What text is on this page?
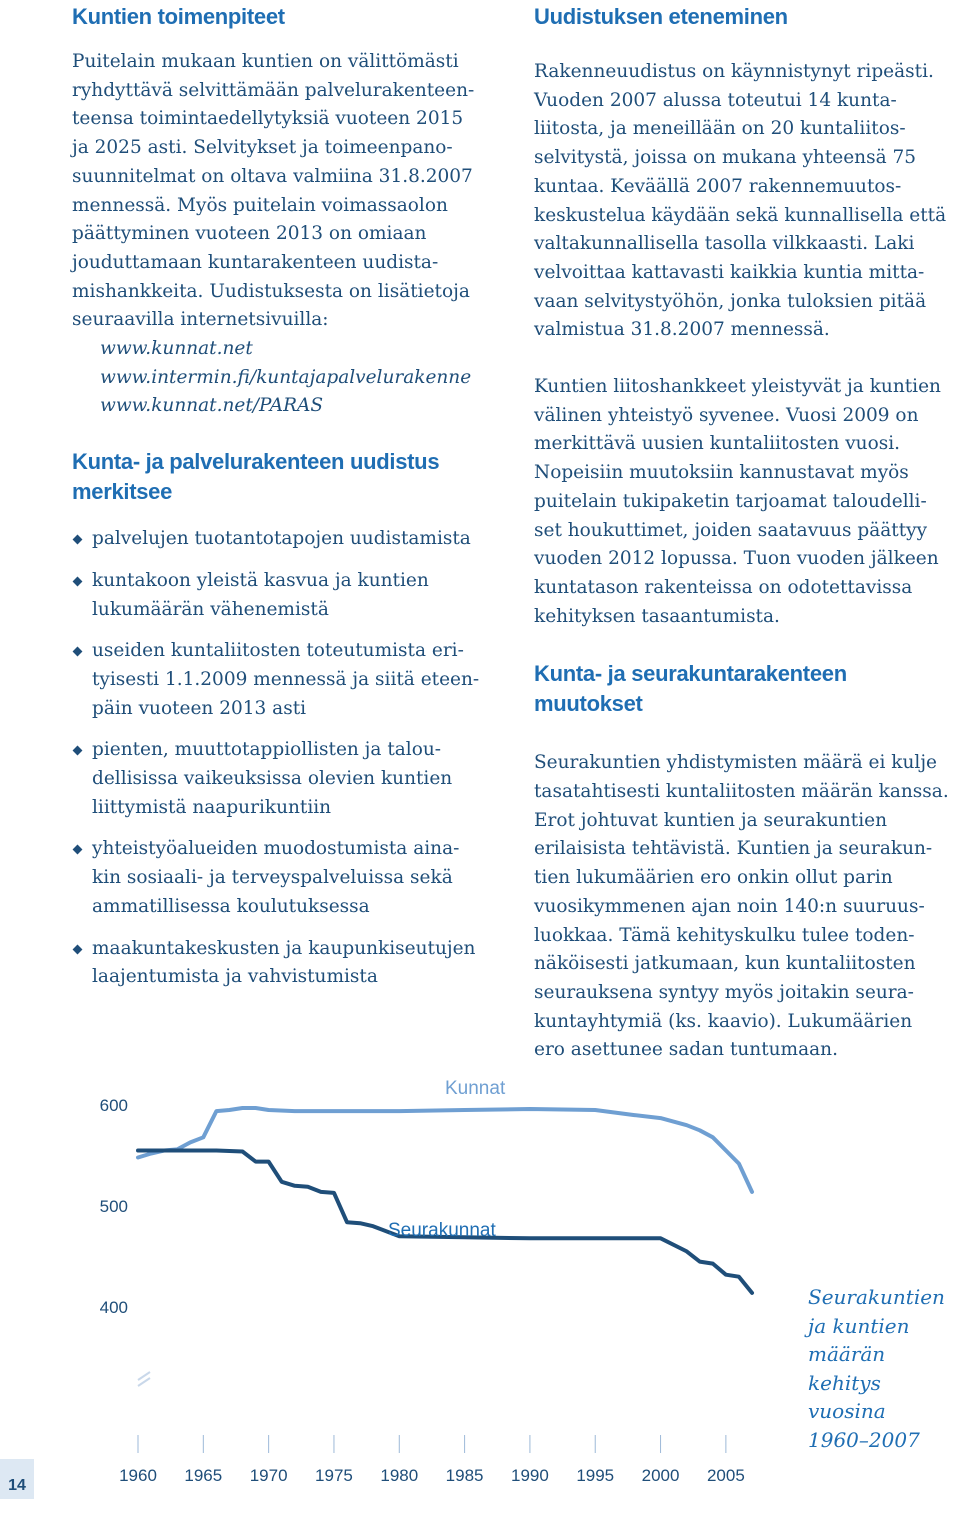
Kuntien toimenpiteet

Puitelain mukaan kuntien on välittömästi
ryhdyttävä selvittämään palvelurakenteen-
teensa toimintaedellytyksiä vuoteen 2015
ja 2025 asti. Selvitykset ja toimeenpano-
suunnitelmat on oltava valmiina 31.8.2007
mennessä. Myös puitelain voimassaolon
päättyminen vuoteen 2013 on omiaan
jouduttamaan kuntarakenteen uudista-
mishankkeita. Uudistuksesta on lisätietoja
seuraavilla internetsivuilla:

www.kunnat.net
www.intermin.fi/kuntajapalvelurakenne
www.kunnat.net/PARAS
Kunta- ja palvelurakenteen uudistus
merkitsee
palvelujen tuotantotapojen uudistamista
kuntakoon yleistä kasvua ja kuntien
lukumäärän vähenemistä
useiden kuntaliitosten toteutumista eri-
tyisesti 1.1.2009 mennessä ja siitä eteen-
päin vuoteen 2013 asti
pienten, muuttotappiollisten ja talou-
dellisissa vaikeuksissa olevien kuntien
liittymistä naapurikuntiin
yhteistyöalueiden muodostumista aina-
kin sosiaali- ja terveyspalveluissa sekä
ammatillisessa koulutuksessa
maakuntakeskusten ja kaupunkiseutujen
laajentumista ja vahvistumista
Uudistuksen eteneminen

Rakenneuudistus on käynnistynyt ripeästi.
Vuoden 2007 alussa toteutui 14 kunta-
liitosta, ja meneillään on 20 kuntaliitos-
selvitystä, joissa on mukana yhteensä 75
kuntaa. Keväällä 2007 rakennemuutos-
keskustelua käydään sekä kunnallisella että
valtakunnallisella tasolla vilkkaasti. Laki
velvoittaa kattavasti kaikkia kuntia mitta-
vaan selvitystyöhön, jonka tuloksien pitää
valmistua 31.8.2007 mennessä.

Kuntien liitoshankkeet yleistyvät ja kuntien
välinen yhteistyö syvenee. Vuosi 2009 on
merkittävä uusien kuntaliitosten vuosi.
Nopeisiin muutoksiin kannustavat myös
puitelain tukipaketin tarjoamat taloudelli-
set houkuttimet, joiden saatavuus päättyy
vuoden 2012 lopussa. Tuon vuoden jälkeen
kuntatason rakenteissa on odotettavissa
kehityksen tasaantumista.

Kunta- ja seurakuntarakenteen muutokset

Seurakuntien yhdistymisten määrä ei kulje
tasatahtisesti kuntaliitosten määrän kanssa.
Erot johtuvat kuntien ja seurakuntien
erilaisista tehtävistä. Kuntien ja seurakun-
tien lukumäärien ero onkin ollut parin
vuosikymmenen ajan noin 140:n suuruus-
luokkaa. Tämä kehityskulku tulee toden-
näköisesti jatkumaan, kun kuntaliitosten
seurauksena syntyy myös joitakin seura-
kuntayhtymiä (ks. kaavio). Lukumäärien
ero asettunee sadan tuntumaan.

1960 1965 1970 1975 1980 1985 1990 1995 2000 2005
600
500
400
Kunnat
Seurakunnat
Seurakuntien
ja kuntien
määrän
kehitys
vuosina
1960–2007
14
